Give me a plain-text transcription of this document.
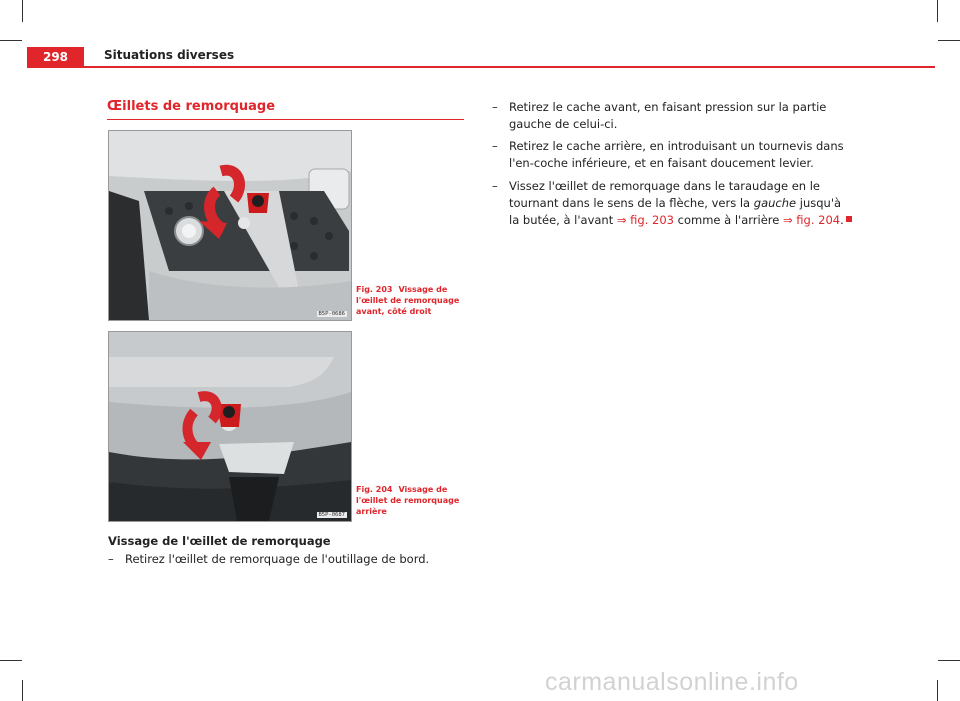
298	Situations diverses
Œillets de remorquage
B5P-0686
Fig. 203 Vissage de l'œillet de remorquage avant, côté droit
B5P-0687
Fig. 204 Vissage de l'œillet de remorquage arrière
Vissage de l'œillet de remorquage
– Retirez l'œillet de remorquage de l'outillage de bord.
– Retirez le cache avant, en faisant pression sur la partie gauche de celui-ci.
– Retirez le cache arrière, en introduisant un tournevis dans l'en-coche inférieure, et en faisant doucement levier.
– Vissez l'œillet de remorquage dans le taraudage en le tournant dans le sens de la flèche, vers la gauche jusqu'à la butée, à l'avant ⇒ fig. 203 comme à l'arrière ⇒ fig. 204.
carmanualsonline.info
